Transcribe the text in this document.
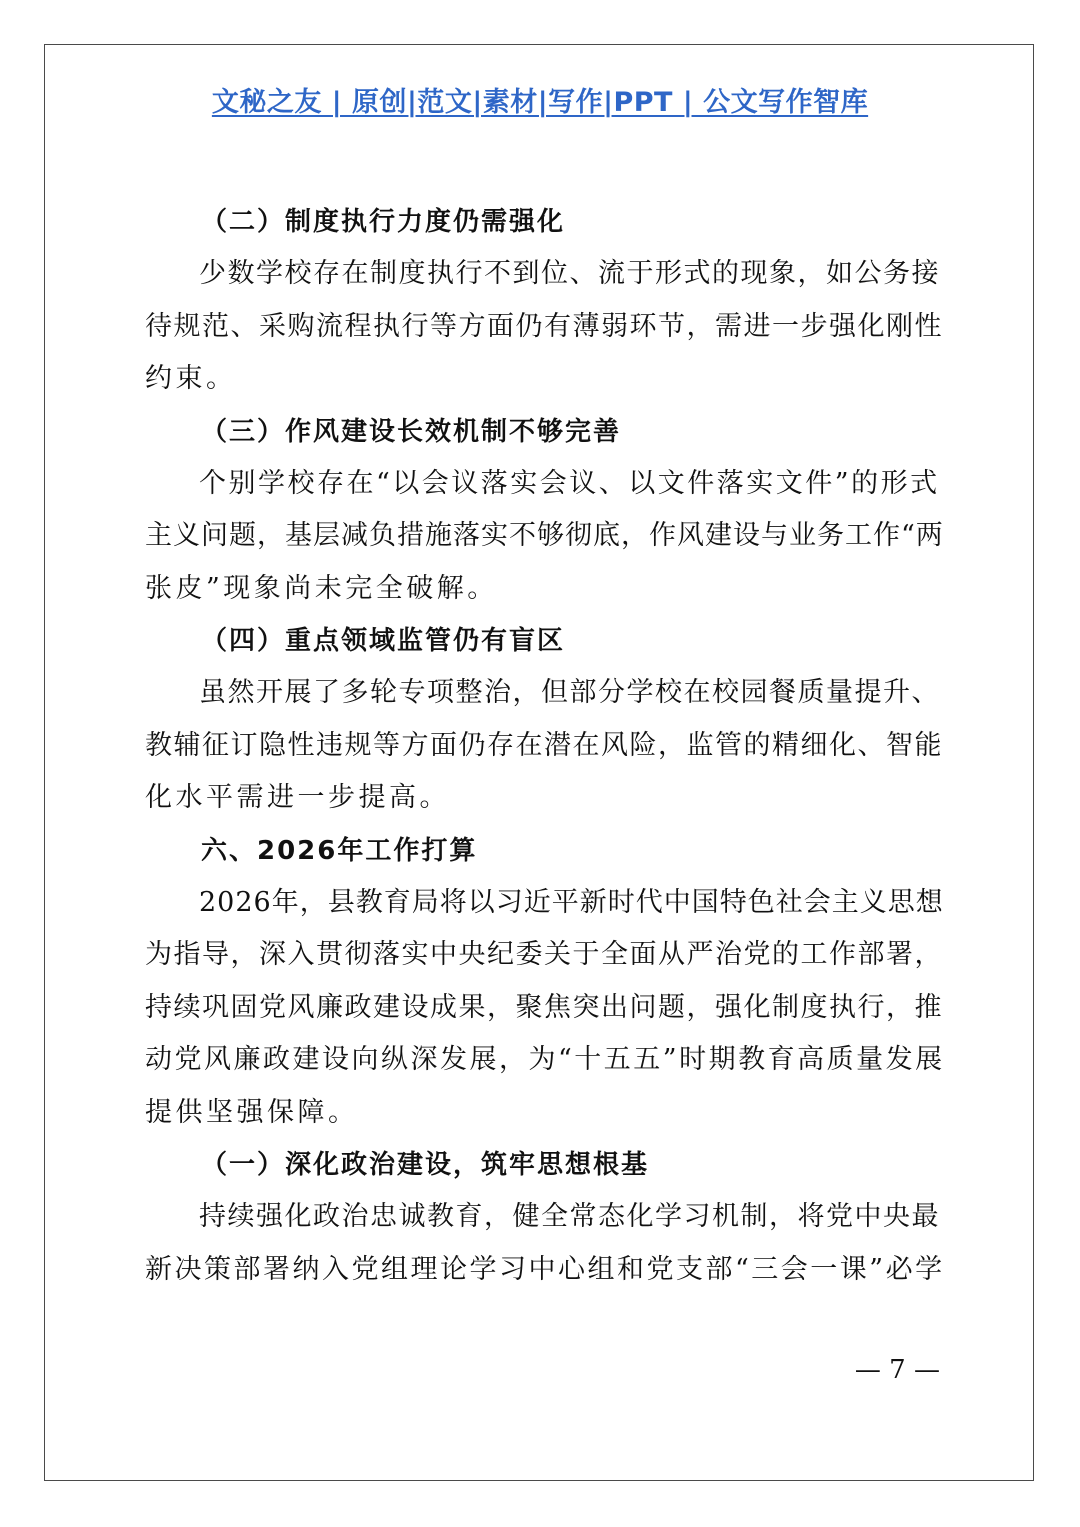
文秘之友 | 原创|范文|素材|写作|PPT | 公文写作智库
（二）制度执行力度仍需强化
少数学校存在制度执行不到位、流于形式的现象，如公务接
待规范、采购流程执行等方面仍有薄弱环节，需进一步强化刚性
约束。
（三）作风建设长效机制不够完善
个别学校存在“以会议落实会议、以文件落实文件”的形式
主义问题，基层减负措施落实不够彻底，作风建设与业务工作“两
张皮”现象尚未完全破解。
（四）重点领域监管仍有盲区
虽然开展了多轮专项整治，但部分学校在校园餐质量提升、
教辅征订隐性违规等方面仍存在潜在风险，监管的精细化、智能
化水平需进一步提高。
六、2026年工作打算
2026年，县教育局将以习近平新时代中国特色社会主义思想
为指导，深入贯彻落实中央纪委关于全面从严治党的工作部署，
持续巩固党风廉政建设成果，聚焦突出问题，强化制度执行，推
动党风廉政建设向纵深发展，为“十五五”时期教育高质量发展
提供坚强保障。
（一）深化政治建设，筑牢思想根基
持续强化政治忠诚教育，健全常态化学习机制，将党中央最
新决策部署纳入党组理论学习中心组和党支部“三会一课”必学
— 7 —
